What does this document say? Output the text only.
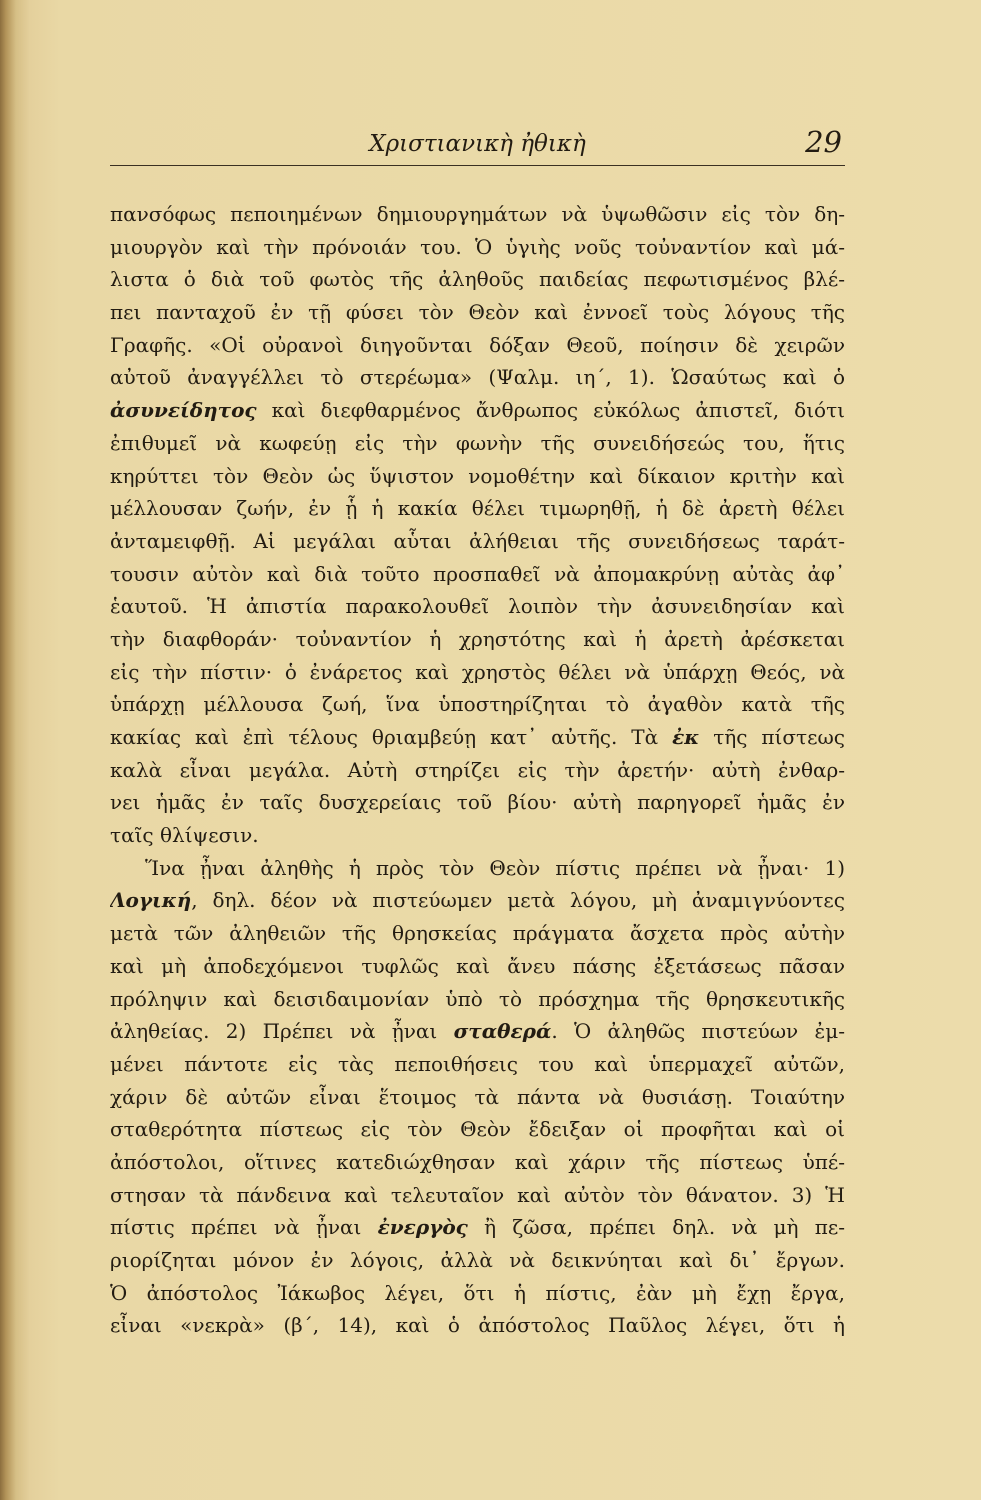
Χριστιανικὴ ἠθικὴ	29
πανσόφως πεποιημένων δημιουργημάτων νὰ ὑψωθῶσιν εἰς τὸν δη-
μιουργὸν καὶ τὴν πρόνοιάν του. Ὁ ὑγιὴς νοῦς τοὐναντίον καὶ μά-
λιστα ὁ διὰ τοῦ φωτὸς τῆς ἀληθοῦς παιδείας πεφωτισμένος βλέ-
πει πανταχοῦ ἐν τῇ φύσει τὸν Θεὸν καὶ ἐννοεῖ τοὺς λόγους τῆς
Γραφῆς. «Οἱ οὐρανοὶ διηγοῦνται δόξαν Θεοῦ, ποίησιν δὲ χειρῶν
αὐτοῦ ἀναγγέλλει τὸ στερέωμα» (Ψαλμ. ιη΄, 1). Ὡσαύτως καὶ ὁ
ἀσυνείδητος καὶ διεφθαρμένος ἄνθρωπος εὐκόλως ἀπιστεῖ, διότι
ἐπιθυμεῖ νὰ κωφεύῃ εἰς τὴν φωνὴν τῆς συνειδήσεώς του, ἥτις
κηρύττει τὸν Θεὸν ὡς ὕψιστον νομοθέτην καὶ δίκαιον κριτὴν καὶ
μέλλουσαν ζωήν, ἐν ᾗ ἡ κακία θέλει τιμωρηθῇ, ἡ δὲ ἀρετὴ θέλει
ἀνταμειφθῇ. Αἱ μεγάλαι αὗται ἀλήθειαι τῆς συνειδήσεως ταράτ-
τουσιν αὐτὸν καὶ διὰ τοῦτο προσπαθεῖ νὰ ἀπομακρύνῃ αὐτὰς ἀφ᾽
ἑαυτοῦ. Ἡ ἀπιστία παρακολουθεῖ λοιπὸν τὴν ἀσυνειδησίαν καὶ
τὴν διαφθοράν· τοὐναντίον ἡ χρηστότης καὶ ἡ ἀρετὴ ἀρέσκεται
εἰς τὴν πίστιν· ὁ ἐνάρετος καὶ χρηστὸς θέλει νὰ ὑπάρχῃ Θεός, νὰ
ὑπάρχῃ μέλλουσα ζωή, ἵνα ὑποστηρίζηται τὸ ἀγαθὸν κατὰ τῆς
κακίας καὶ ἐπὶ τέλους θριαμβεύῃ κατ᾽ αὐτῆς. Τὰ ἐκ τῆς πίστεως
καλὰ εἶναι μεγάλα. Αὐτὴ στηρίζει εἰς τὴν ἀρετήν· αὐτὴ ἐνθαρ-
νει ἡμᾶς ἐν ταῖς δυσχερείαις τοῦ βίου· αὐτὴ παρηγορεῖ ἡμᾶς ἐν
ταῖς θλίψεσιν.
Ἵνα ᾖναι ἀληθὴς ἡ πρὸς τὸν Θεὸν πίστις πρέπει νὰ ᾖναι· 1)
Λογική, δηλ. δέον νὰ πιστεύωμεν μετὰ λόγου, μὴ ἀναμιγνύοντες
μετὰ τῶν ἀληθειῶν τῆς θρησκείας πράγματα ἄσχετα πρὸς αὐτὴν
καὶ μὴ ἀποδεχόμενοι τυφλῶς καὶ ἄνευ πάσης ἐξετάσεως πᾶσαν
πρόληψιν καὶ δεισιδαιμονίαν ὑπὸ τὸ πρόσχημα τῆς θρησκευτικῆς
ἀληθείας. 2) Πρέπει νὰ ᾖναι σταθερά. Ὁ ἀληθῶς πιστεύων ἐμ-
μένει πάντοτε εἰς τὰς πεποιθήσεις του καὶ ὑπερμαχεῖ αὐτῶν,
χάριν δὲ αὐτῶν εἶναι ἕτοιμος τὰ πάντα νὰ θυσιάσῃ. Τοιαύτην
σταθερότητα πίστεως εἰς τὸν Θεὸν ἔδειξαν οἱ προφῆται καὶ οἱ
ἀπόστολοι, οἵτινες κατεδιώχθησαν καὶ χάριν τῆς πίστεως ὑπέ-
στησαν τὰ πάνδεινα καὶ τελευταῖον καὶ αὐτὸν τὸν θάνατον. 3) Ἡ
πίστις πρέπει νὰ ᾖναι ἐνεργὸς ἢ ζῶσα, πρέπει δηλ. νὰ μὴ πε-
ριορίζηται μόνον ἐν λόγοις, ἀλλὰ νὰ δεικνύηται καὶ δι᾽ ἔργων.
Ὁ ἀπόστολος Ἰάκωβος λέγει, ὅτι ἡ πίστις, ἐὰν μὴ ἔχῃ ἔργα,
εἶναι «νεκρὰ» (β΄, 14), καὶ ὁ ἀπόστολος Παῦλος λέγει, ὅτι ἡ
